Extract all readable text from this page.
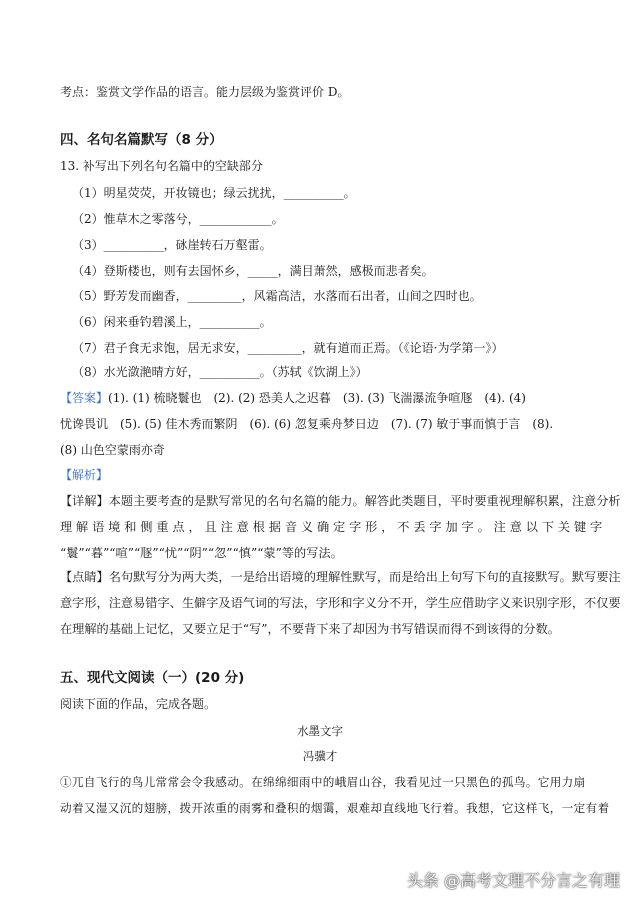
考点：鉴赏文学作品的语言。能力层级为鉴赏评价 D。
四、名句名篇默写（8 分）
13. 补写出下列名句名篇中的空缺部分
（1）明星荧荧，开妆镜也；绿云扰扰，__________。
（2）惟草木之零落兮，____________。
（3）__________，砯崖转石万壑雷。
（4）登斯楼也，则有去国怀乡，_____，满目萧然，感极而悲者矣。
（5）野芳发而幽香，_________，风霜高洁，水落而石出者，山间之四时也。
（6）闲来垂钓碧溪上，__________。
（7）君子食无求饱，居无求安，_________，就有道而正焉。（《论语·为学第一》）
（8）水光潋滟晴方好，__________。（苏轼《饮湖上》）
【答案】(1). (1) 梳晓鬟也　(2). (2) 恐美人之迟暮　(3). (3) 飞湍瀑流争喧豗　(4). (4)
忧谗畏讥　(5). (5) 佳木秀而繁阴　(6). (6) 忽复乘舟梦日边　(7). (7) 敏于事而慎于言　(8).
(8) 山色空蒙雨亦奇
【解析】
【详解】本题主要考查的是默写常见的名句名篇的能力。解答此类题目，平时要重视理解积累，注意分析
理 解 语 境 和 侧 重 点 ， 且 注 意 根 据 音 义 确 定 字 形 ， 不 丢 字 加 字 。 注 意 以 下 关 键 字
“鬟”“暮”“喧”“豗”“忧”“阴”“忽”“慎”“蒙”等的写法。
【点睛】名句默写分为两大类，一是给出语境的理解性默写，而是给出上句写下句的直接默写。默写要注
意字形，注意易错字、生僻字及语气词的写法，字形和字义分不开，学生应借助字义来识别字形，不仅要
在理解的基础上记忆，又要立足于“写”，不要背下来了却因为书写错误而得不到该得的分数。
五、现代文阅读（一）(20 分)
阅读下面的作品，完成各题。
水墨文字
冯骥才
①兀自飞行的鸟儿常常会令我感动。在绵绵细雨中的峨眉山谷，我看见过一只黑色的孤鸟。它用力扇
动着又湿又沉的翅膀，拨开浓重的雨雾和叠积的烟霭，艰难却直线地飞行着。我想，它这样飞，一定有着
头条 @高考文理不分言之有理
